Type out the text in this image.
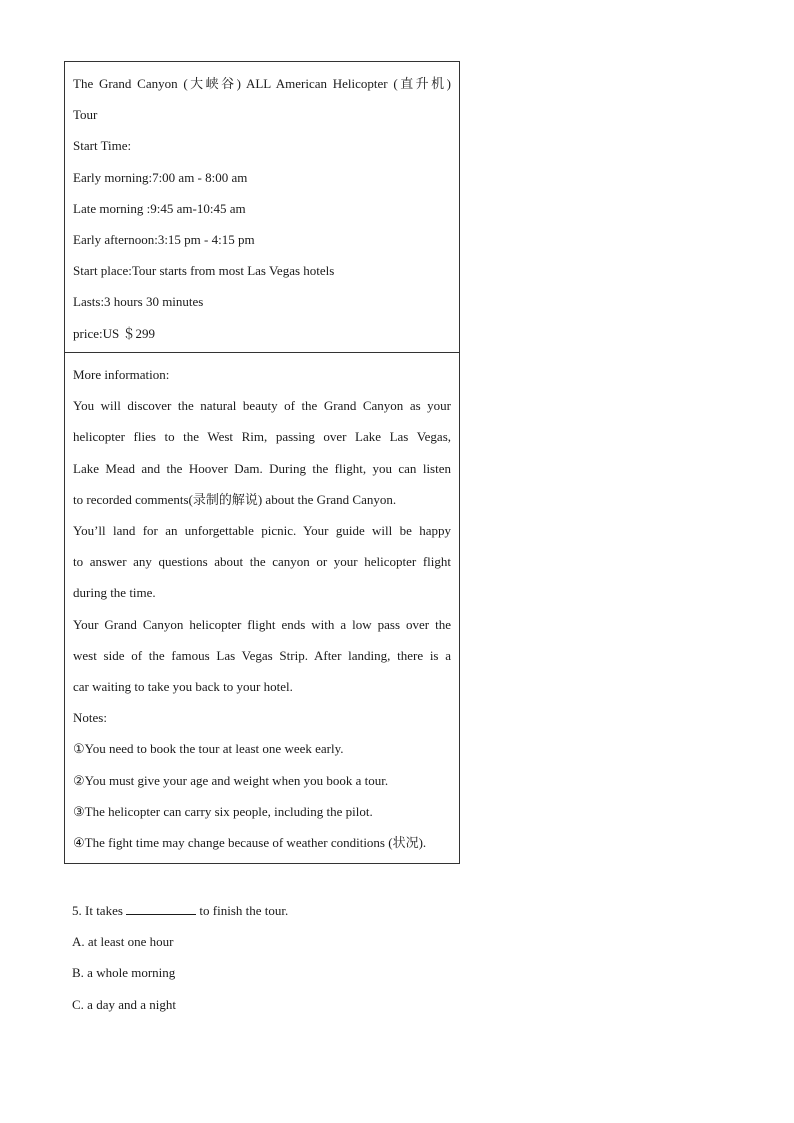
The Grand Canyon (大峡谷) ALL American Helicopter (直升机)
Tour
Start Time:
Early morning:7:00 am - 8:00 am
Late morning :9:45 am-10:45 am
Early afternoon:3:15 pm - 4:15 pm
Start place:Tour starts from most Las Vegas hotels
Lasts:3 hours 30 minutes
price:US ＄299
More information:
You will discover the natural beauty of the Grand Canyon as your
helicopter flies to the West Rim, passing over Lake Las Vegas,
Lake Mead and the Hoover Dam. During the flight, you can listen
to recorded comments(录制的解说) about the Grand Canyon.
You’ll land for an unforgettable picnic. Your guide will be happy
to answer any questions about the canyon or your helicopter flight
during the time.
Your Grand Canyon helicopter flight ends with a low pass over the
west side of the famous Las Vegas Strip. After landing, there is a
car waiting to take you back to your hotel.
Notes:
①You need to book the tour at least one week early.
②You must give your age and weight when you book a tour.
③The helicopter can carry six people, including the pilot.
④The fight time may change because of weather conditions (状况).
5. It takes	to finish the tour.
A. at least one hour
B. a whole morning
C. a day and a night
